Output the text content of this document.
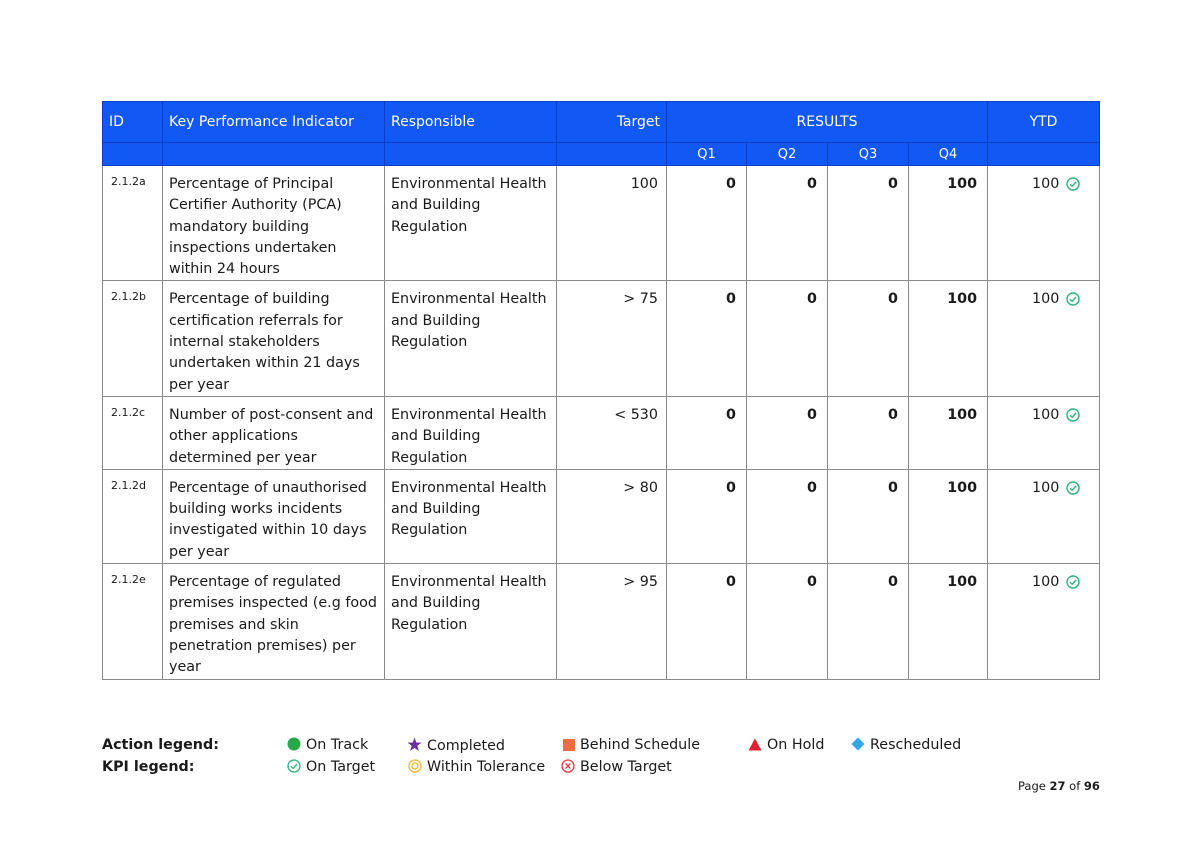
ID	Key Performance Indicator	Responsible	Target	RESULTS				YTD
				Q1	Q2	Q3	Q4	
2.1.2a	Percentage of Principal Certifier Authority (PCA) mandatory building inspections undertaken within 24 hours	Environmental Health and Building Regulation	100	0	0	0	100	100
2.1.2b	Percentage of building certification referrals for internal stakeholders undertaken within 21 days per year	Environmental Health and Building Regulation	> 75	0	0	0	100	100
2.1.2c	Number of post-consent and other applications determined per year	Environmental Health and Building Regulation	< 530	0	0	0	100	100
2.1.2d	Percentage of unauthorised building works incidents investigated within 10 days per year	Environmental Health and Building Regulation	> 80	0	0	0	100	100
2.1.2e	Percentage of regulated premises inspected (e.g food premises and skin penetration premises) per year	Environmental Health and Building Regulation	> 95	0	0	0	100	100
Action legend:
KPI legend:
On Track	Completed	Behind Schedule	On Hold	Rescheduled
On Target	Within Tolerance	Below Target
Page 27 of 96
